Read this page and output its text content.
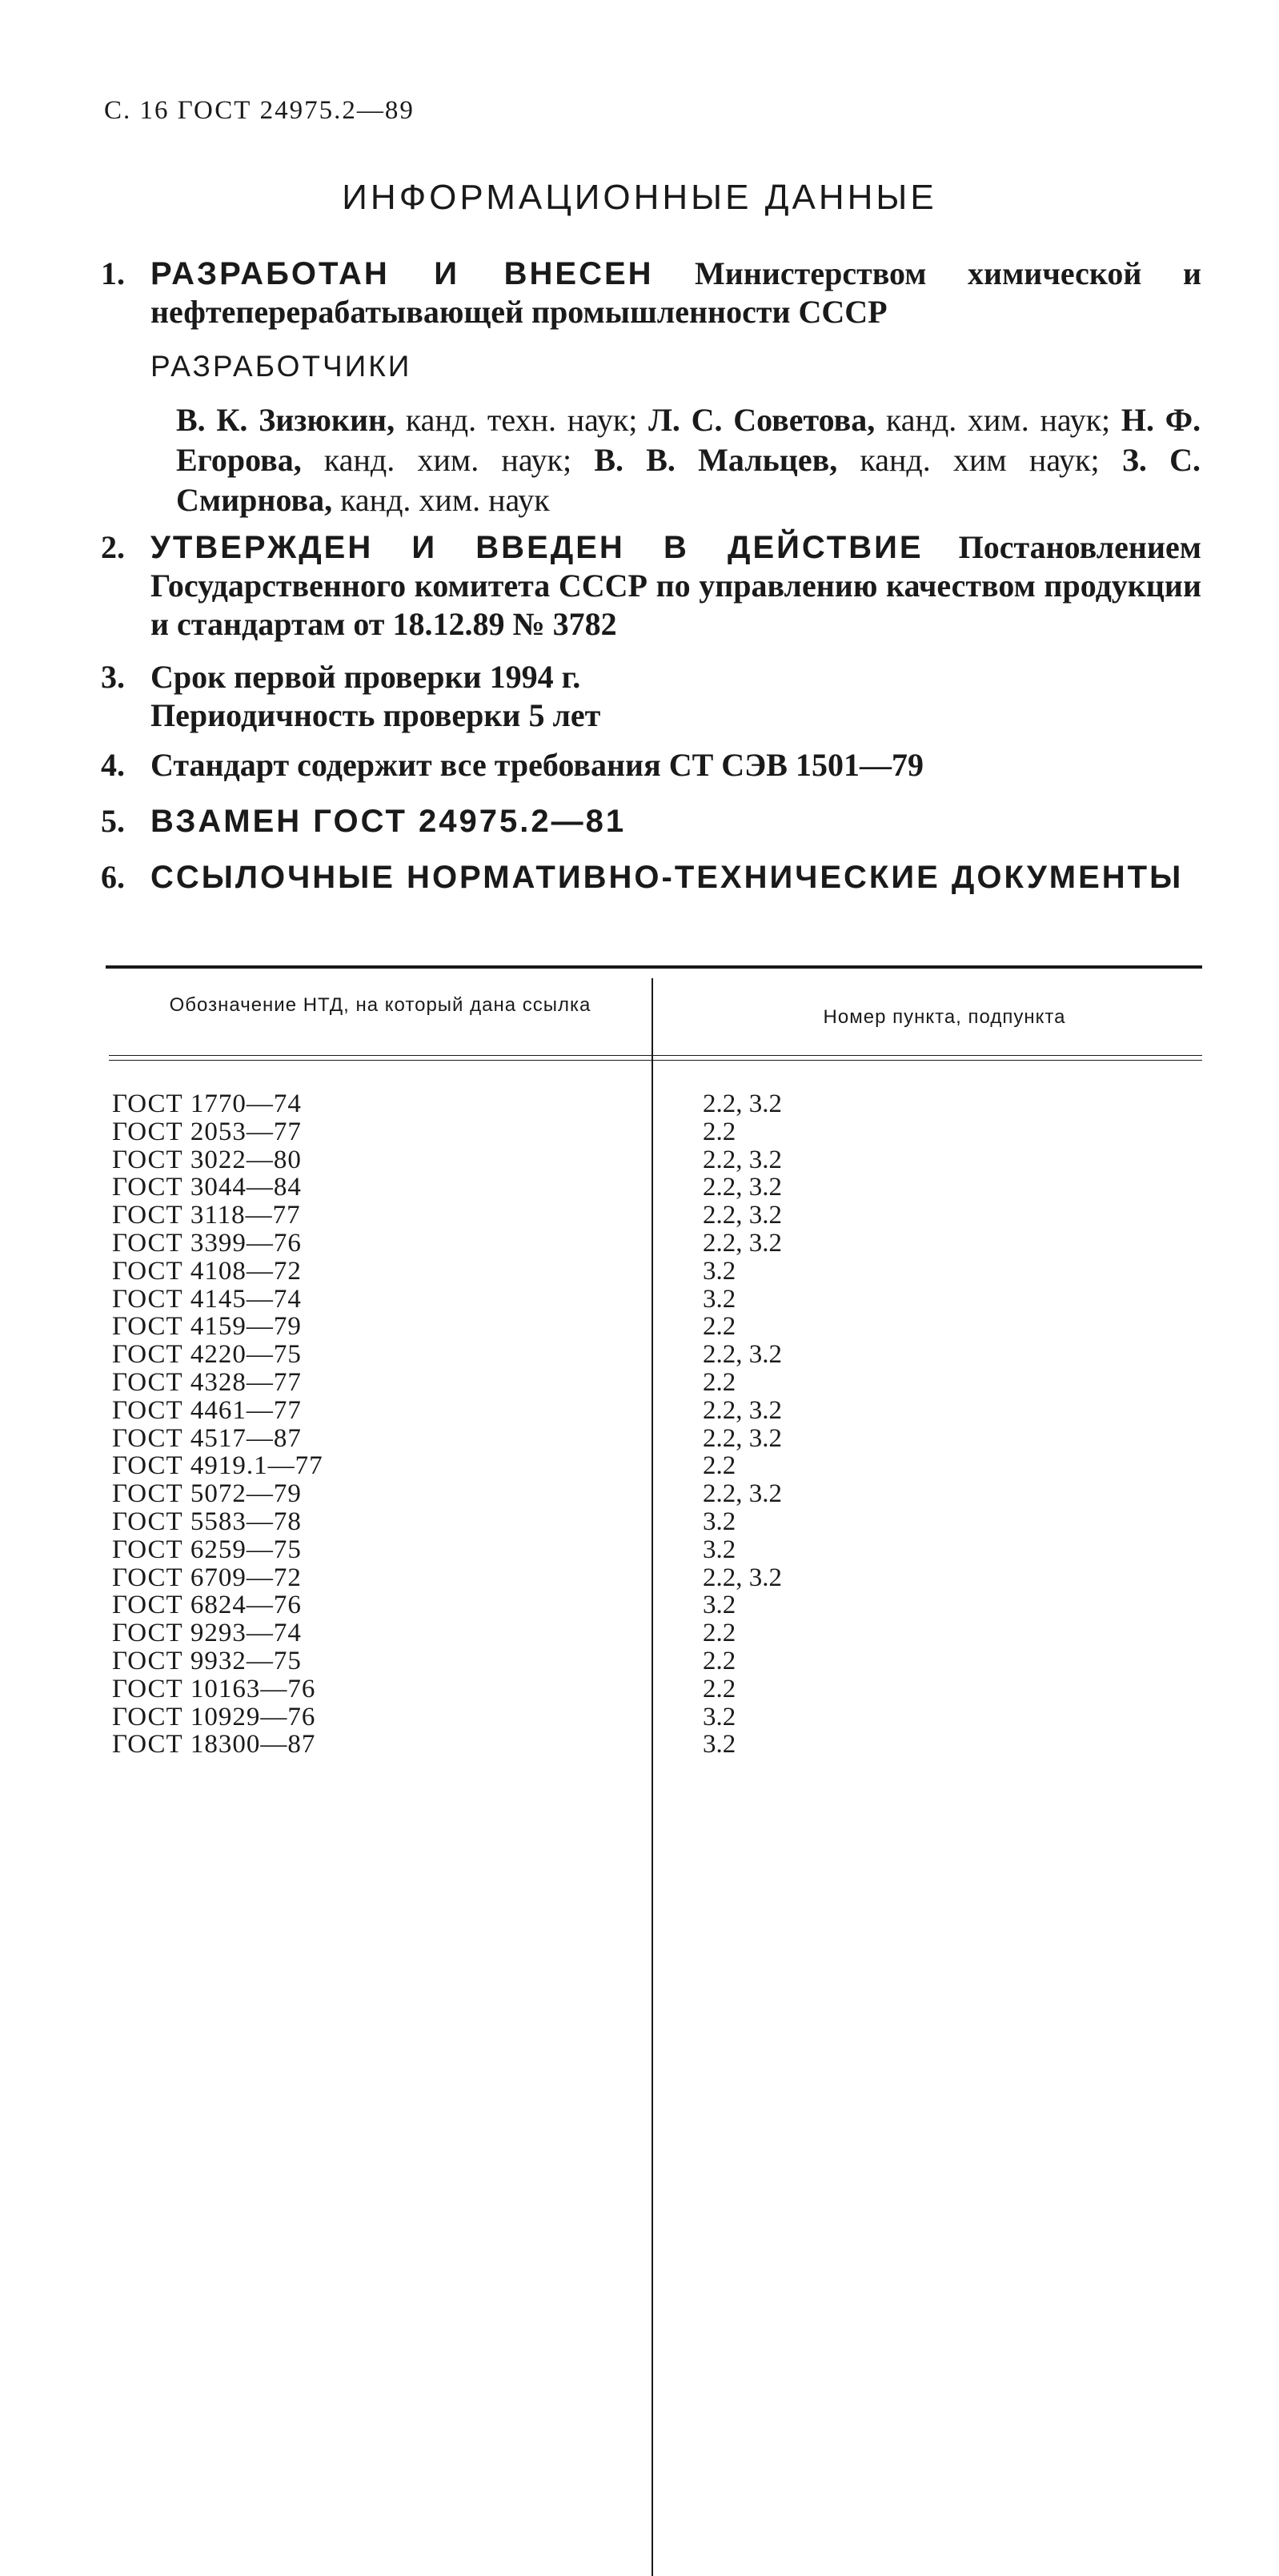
С. 16 ГОСТ 24975.2—89
ИНФОРМАЦИОННЫЕ ДАННЫЕ
1. РАЗРАБОТАН И ВНЕСЕН Министерством химической и нефтеперерабатывающей промышленности СССР
РАЗРАБОТЧИКИ
В. К. Зизюкин, канд. техн. наук; Л. С. Советова, канд. хим. наук; Н. Ф. Егорова, канд. хим. наук; В. В. Мальцев, канд. хим наук; З. С. Смирнова, канд. хим. наук
2. УТВЕРЖДЕН И ВВЕДЕН В ДЕЙСТВИЕ Постановлением Государственного комитета СССР по управлению качеством продукции и стандартам от 18.12.89 № 3782
3. Срок первой проверки 1994 г.
Периодичность проверки 5 лет
4. Стандарт содержит все требования СТ СЭВ 1501—79
5. ВЗАМЕН ГОСТ 24975.2—81
6. ССЫЛОЧНЫЕ НОРМАТИВНО-ТЕХНИЧЕСКИЕ ДОКУМЕНТЫ
Обозначение НТД, на который дана ссылка
Номер пункта, подпункта
ГОСТ 1770—74	2.2, 3.2
ГОСТ 2053—77	2.2
ГОСТ 3022—80	2.2, 3.2
ГОСТ 3044—84	2.2, 3.2
ГОСТ 3118—77	2.2, 3.2
ГОСТ 3399—76	2.2, 3.2
ГОСТ 4108—72	3.2
ГОСТ 4145—74	3.2
ГОСТ 4159—79	2.2
ГОСТ 4220—75	2.2, 3.2
ГОСТ 4328—77	2.2
ГОСТ 4461—77	2.2, 3.2
ГОСТ 4517—87	2.2, 3.2
ГОСТ 4919.1—77	2.2
ГОСТ 5072—79	2.2, 3.2
ГОСТ 5583—78	3.2
ГОСТ 6259—75	3.2
ГОСТ 6709—72	2.2, 3.2
ГОСТ 6824—76	3.2
ГОСТ 9293—74	2.2
ГОСТ 9932—75	2.2
ГОСТ 10163—76	2.2
ГОСТ 10929—76	3.2
ГОСТ 18300—87	3.2
